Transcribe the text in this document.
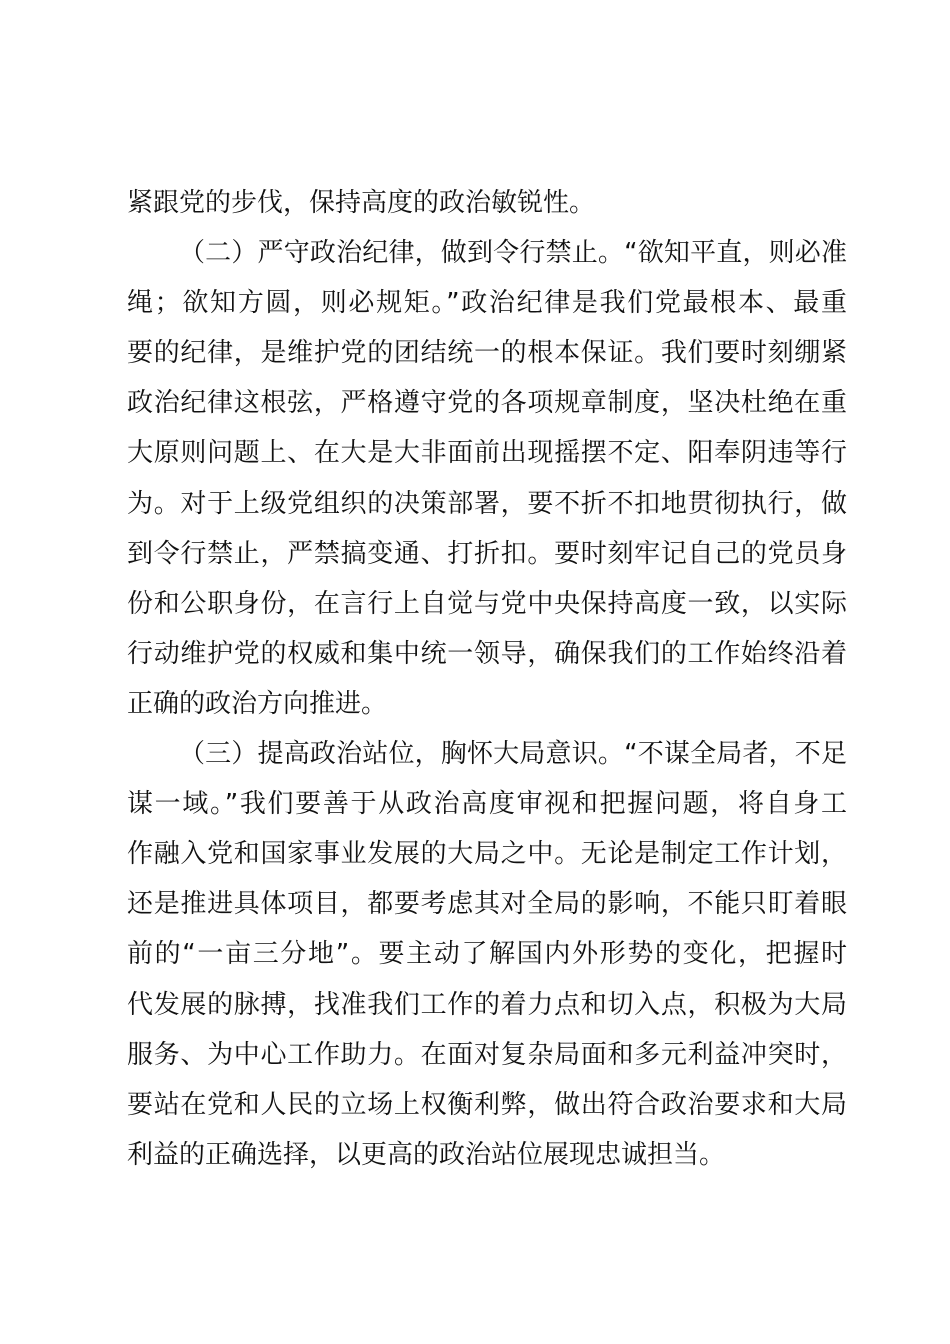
紧跟党的步伐，保持高度的政治敏锐性。
（二）严守政治纪律，做到令行禁止。“欲知平直，则必准
绳；欲知方圆，则必规矩。”政治纪律是我们党最根本、最重
要的纪律，是维护党的团结统一的根本保证。我们要时刻绷紧
政治纪律这根弦，严格遵守党的各项规章制度，坚决杜绝在重
大原则问题上、在大是大非面前出现摇摆不定、阳奉阴违等行
为。对于上级党组织的决策部署，要不折不扣地贯彻执行，做
到令行禁止，严禁搞变通、打折扣。要时刻牢记自己的党员身
份和公职身份，在言行上自觉与党中央保持高度一致，以实际
行动维护党的权威和集中统一领导，确保我们的工作始终沿着
正确的政治方向推进。
（三）提高政治站位，胸怀大局意识。“不谋全局者，不足
谋一域。”我们要善于从政治高度审视和把握问题，将自身工
作融入党和国家事业发展的大局之中。无论是制定工作计划，
还是推进具体项目，都要考虑其对全局的影响，不能只盯着眼
前的“一亩三分地”。要主动了解国内外形势的变化，把握时
代发展的脉搏，找准我们工作的着力点和切入点，积极为大局
服务、为中心工作助力。在面对复杂局面和多元利益冲突时，
要站在党和人民的立场上权衡利弊，做出符合政治要求和大局
利益的正确选择，以更高的政治站位展现忠诚担当。
